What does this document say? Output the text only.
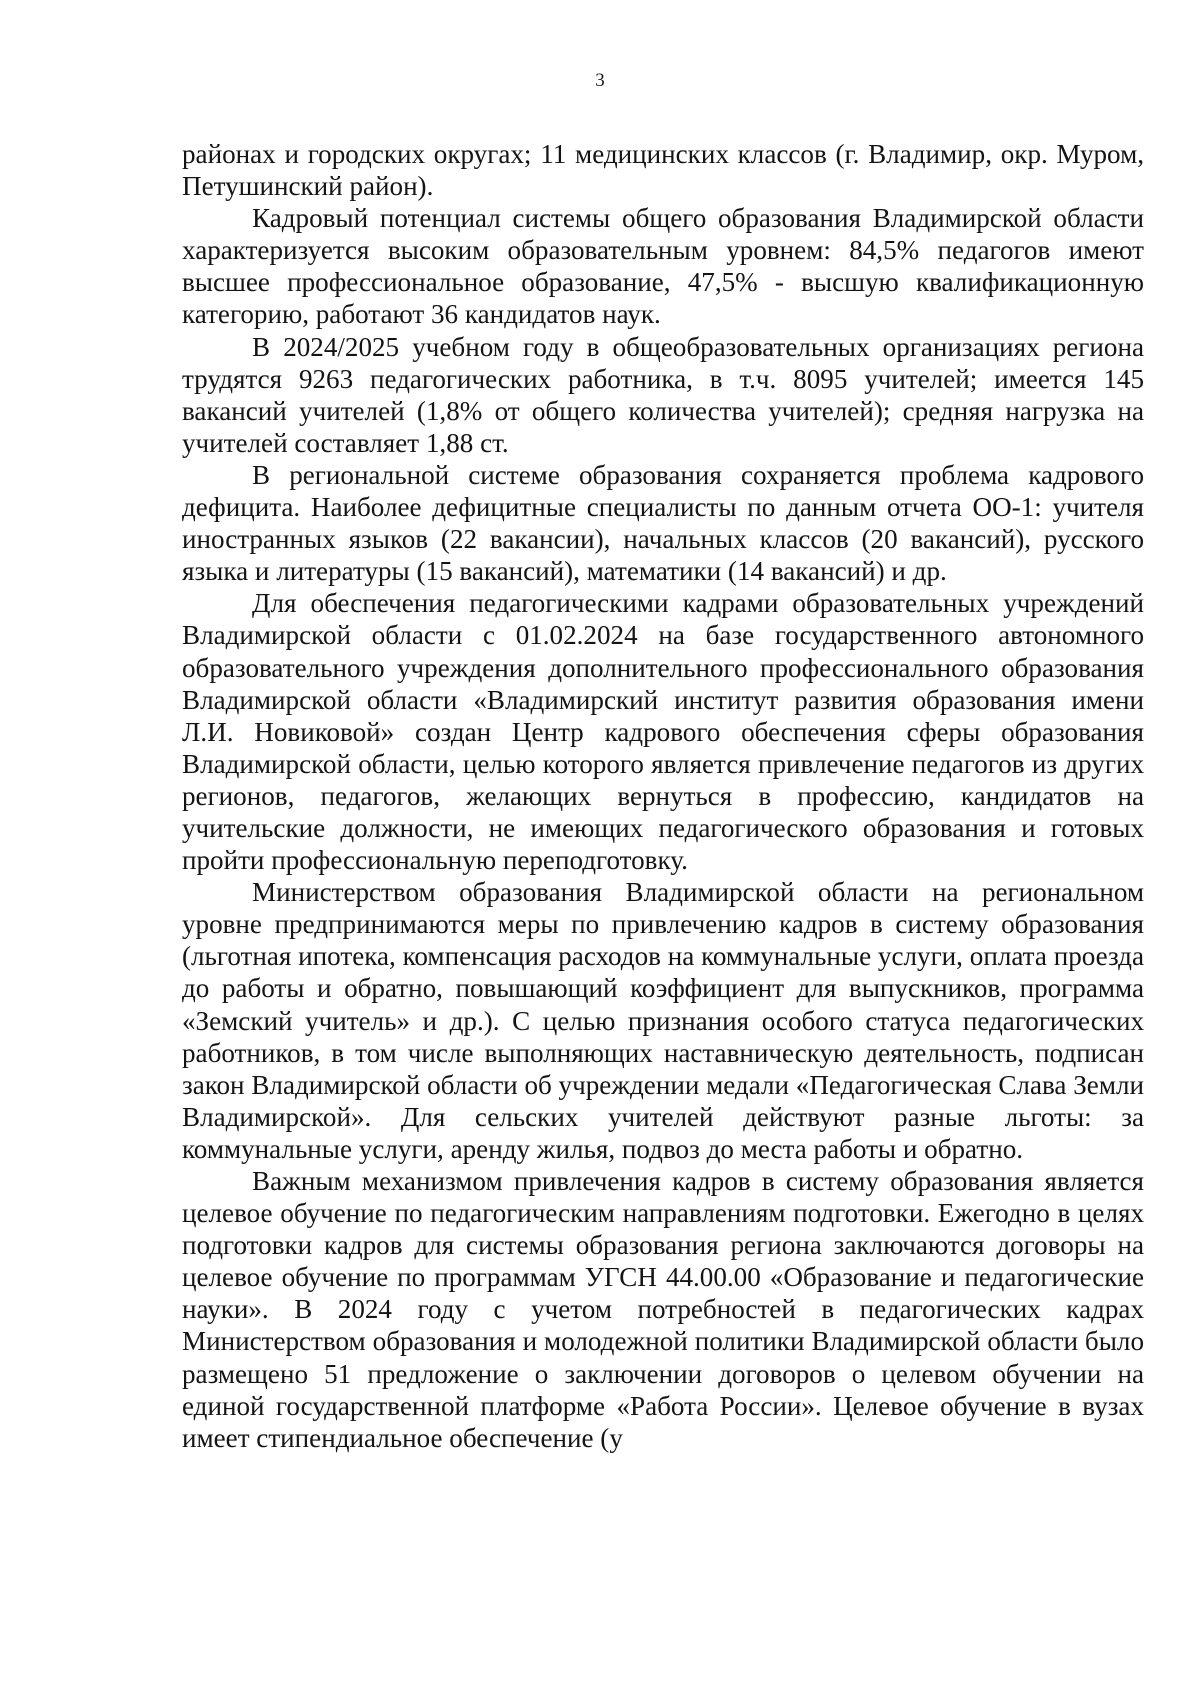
3

районах и городских округах; 11 медицинских классов (г. Владимир, окр. Муром, Петушинский район).

Кадровый потенциал системы общего образования Владимирской области характеризуется высоким образовательным уровнем: 84,5% педагогов имеют высшее профессиональное образование, 47,5% - высшую квалификационную категорию, работают 36 кандидатов наук.

В 2024/2025 учебном году в общеобразовательных организациях региона трудятся 9263 педагогических работника, в т.ч. 8095 учителей; имеется 145 вакансий учителей (1,8% от общего количества учителей); средняя нагрузка на учителей составляет 1,88 ст.

В региональной системе образования сохраняется проблема кадрового дефицита. Наиболее дефицитные специалисты по данным отчета ОО-1: учителя иностранных языков (22 вакансии), начальных классов (20 вакансий), русского языка и литературы (15 вакансий), математики (14 вакансий) и др.

Для обеспечения педагогическими кадрами образовательных учреждений Владимирской области с 01.02.2024 на базе государственного автономного образовательного учреждения дополнительного профессионального образования Владимирской области «Владимирский институт развития образования имени Л.И. Новиковой» создан Центр кадрового обеспечения сферы образования Владимирской области, целью которого является привлечение педагогов из других регионов, педагогов, желающих вернуться в профессию, кандидатов на учительские должности, не имеющих педагогического образования и готовых пройти профессиональную переподготовку.

Министерством образования Владимирской области на региональном уровне предпринимаются меры по привлечению кадров в систему образования (льготная ипотека, компенсация расходов на коммунальные услуги, оплата проезда до работы и обратно, повышающий коэффициент для выпускников, программа «Земский учитель» и др.). С целью признания особого статуса педагогических работников, в том числе выполняющих наставническую деятельность, подписан закон Владимирской области об учреждении медали «Педагогическая Слава Земли Владимирской». Для сельских учителей действуют разные льготы: за коммунальные услуги, аренду жилья, подвоз до места работы и обратно.

Важным механизмом привлечения кадров в систему образования является целевое обучение по педагогическим направлениям подготовки. Ежегодно в целях подготовки кадров для системы образования региона заключаются договоры на целевое обучение по программам УГСН 44.00.00 «Образование и педагогические науки». В 2024 году с учетом потребностей в педагогических кадрах Министерством образования и молодежной политики Владимирской области было размещено 51 предложение о заключении договоров о целевом обучении на единой государственной платформе «Работа России». Целевое обучение в вузах имеет стипендиальное обеспечение (у
